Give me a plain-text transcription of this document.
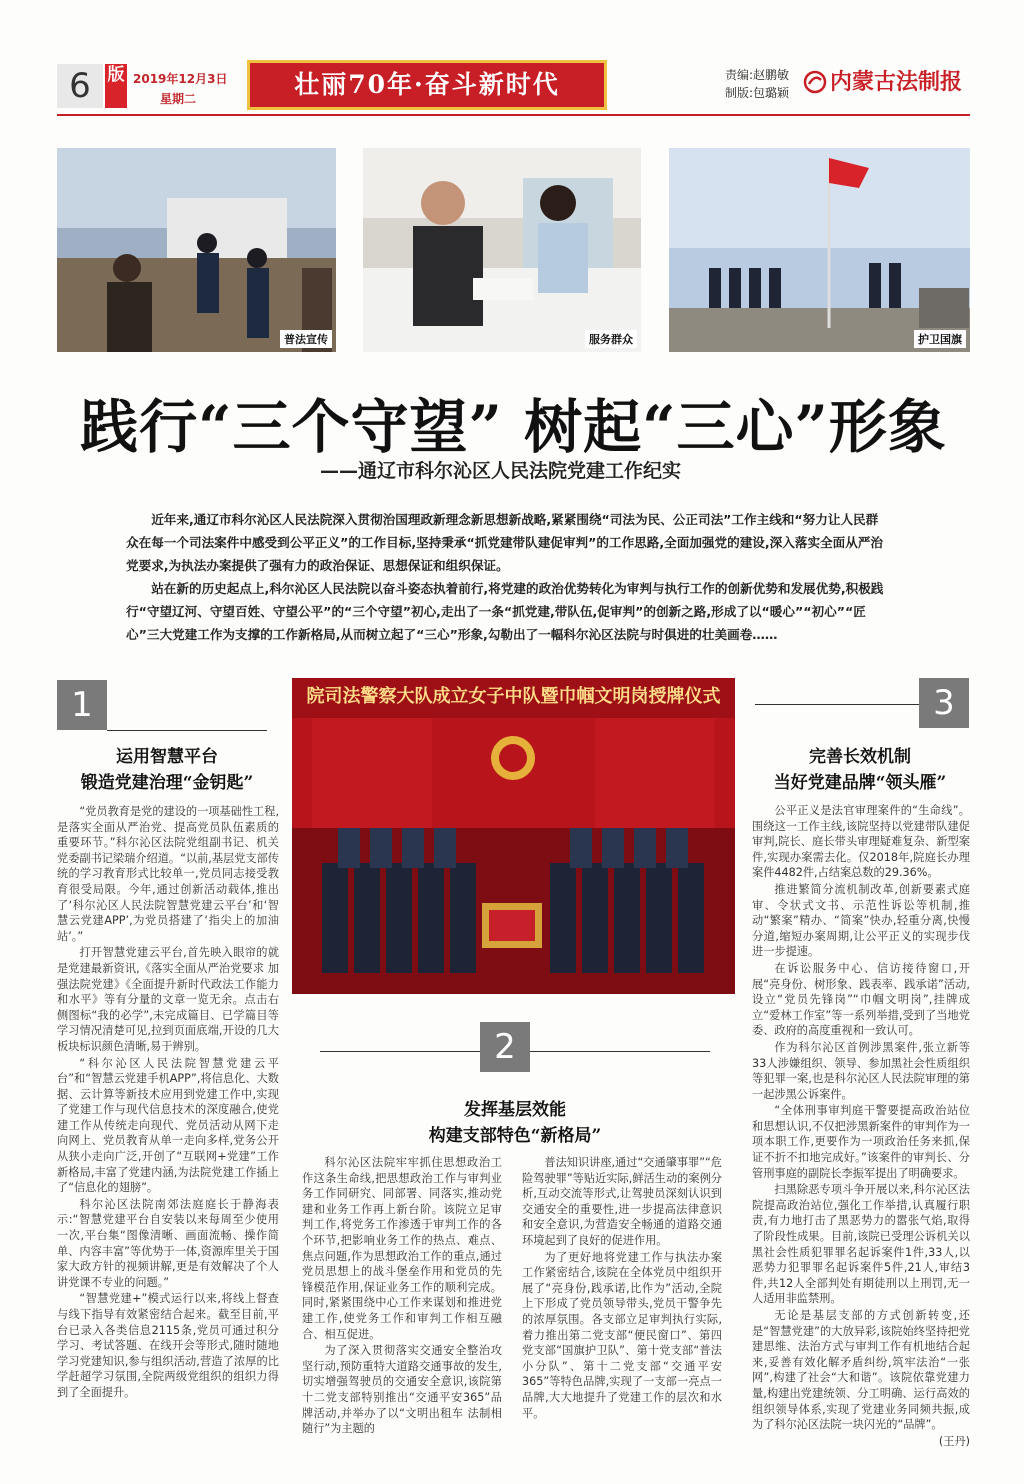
6 版 2019年12月3日
星期二	壮丽70年·奋斗新时代	责编:赵鹏敏
制版:包璐颖 内蒙古法制报
普法宣传	服务群众	护卫国旗
践行“三个守望” 树起“三心”形象
——通辽市科尔沁区人民法院党建工作纪实

近年来,通辽市科尔沁区人民法院深入贯彻治国理政新理念新思想新战略,紧紧围绕“司法为民、公正司法”工作主线和“努力让人民群众在每一个司法案件中感受到公平正义”的工作目标,坚持秉承“抓党建带队建促审判”的工作思路,全面加强党的建设,深入落实全面从严治党要求,为执法办案提供了强有力的政治保证、思想保证和组织保证。

站在新的历史起点上,科尔沁区人民法院以奋斗姿态执着前行,将党建的政治优势转化为审判与执行工作的创新优势和发展优势,积极践行“守望辽河、守望百姓、守望公平”的“三个守望”初心,走出了一条“抓党建,带队伍,促审判”的创新之路,形成了以“暖心”“初心”“匠心”三大党建工作为支撑的工作新格局,从而树立起了“三心”形象,勾勒出了一幅科尔沁区法院与时俱进的壮美画卷……

1
运用智慧平台
锻造党建治理“金钥匙”

“党员教育是党的建设的一项基础性工程,是落实全面从严治党、提高党员队伍素质的重要环节。”科尔沁区法院党组副书记、机关党委副书记梁瑞介绍道。“以前,基层党支部传统的学习教育形式比较单一,党员同志接受教育很受局限。今年,通过创新活动载体,推出了‘科尔沁区人民法院智慧党建云平台’和‘智慧云党建APP’,为党员搭建了‘指尖上的加油站’。”

打开智慧党建云平台,首先映入眼帘的就是党建最新资讯,《落实全面从严治党要求 加强法院党建》《全面提升新时代政法工作能力和水平》等有分量的文章一览无余。点击右侧图标“我的必学”,未完成篇目、已学篇目等学习情况清楚可见,拉到页面底端,开设的几大板块标识颜色清晰,易于辨别。

“科尔沁区人民法院智慧党建云平台”和“智慧云党建手机APP”,将信息化、大数据、云计算等新技术应用到党建工作中,实现了党建工作与现代信息技术的深度融合,使党建工作从传统走向现代、党员活动从网下走向网上、党员教育从单一走向多样,党务公开从狭小走向广泛,开创了“互联网+党建”工作新格局,丰富了党建内涵,为法院党建工作插上了“信息化的翅膀”。

科尔沁区法院南郊法庭庭长于静海表示:“智慧党建平台自安装以来每周至少使用一次,平台集“图像清晰、画面流畅、操作简单、内容丰富”等优势于一体,资源库里关于国家大政方针的视频讲解,更是有效解决了个人讲党课不专业的问题。”

“智慧党建+”模式运行以来,将线上督查与线下指导有效紧密结合起来。截至目前,平台已录入各类信息2115条,党员可通过积分学习、考试答题、在线开会等形式,随时随地学习党建知识,参与组织活动,营造了浓厚的比学赶超学习氛围,全院两级党组织的组织力得到了全面提升。

院司法警察大队成立女子中队暨巾帼文明岗授牌仪式
2
发挥基层效能
构建支部特色“新格局”

科尔沁区法院牢牢抓住思想政治工作这条生命线,把思想政治工作与审判业务工作同研究、同部署、同落实,推动党建和业务工作再上新台阶。该院立足审判工作,将党务工作渗透于审判工作的各个环节,把影响业务工作的热点、难点、焦点问题,作为思想政治工作的重点,通过党员思想上的战斗堡垒作用和党员的先锋模范作用,保证业务工作的顺利完成。同时,紧紧围绕中心工作来谋划和推进党建工作,使党务工作和审判工作相互融合、相互促进。

为了深入贯彻落实交通安全整治攻坚行动,预防重特大道路交通事故的发生,切实增强驾驶员的交通安全意识,该院第十二党支部特别推出“交通平安365”品牌活动,并举办了以“文明出租车 法制相随行”为主题的

普法知识讲座,通过“交通肇事罪”“危险驾驶罪”等贴近实际,鲜活生动的案例分析,互动交流等形式,让驾驶员深刻认识到交通安全的重要性,进一步提高法律意识和安全意识,为营造安全畅通的道路交通环境起到了良好的促进作用。

为了更好地将党建工作与执法办案工作紧密结合,该院在全体党员中组织开展了“亮身份,践承诺,比作为”活动,全院上下形成了党员领导带头,党员干警争先的浓厚氛围。各支部立足审判执行实际,着力推出第二党支部“便民窗口”、第四党支部“国旗护卫队”、第十党支部“普法小分队”、第十二党支部“交通平安365”等特色品牌,实现了一支部一亮点一品牌,大大地提升了党建工作的层次和水平。

3
完善长效机制
当好党建品牌“领头雁”

公平正义是法官审理案件的“生命线”。围绕这一工作主线,该院坚持以党建带队建促审判,院长、庭长带头审理疑难复杂、新型案件,实现办案需去化。仅2018年,院庭长办理案件4482件,占结案总数的29.36%。

推进繁简分流机制改革,创新要素式庭审、令状式文书、示范性诉讼等机制,推动“繁案”精办、“简案”快办,轻重分离,快慢分道,缩短办案周期,让公平正义的实现步伐进一步提速。

在诉讼服务中心、信访接待窗口,开展“亮身份、树形象、践表率、践承诺”活动,设立“党员先锋岗”“巾帼文明岗”,挂牌成立“爱林工作室”等一系列举措,受到了当地党委、政府的高度重视和一致认可。

作为科尔沁区首例涉黑案件,张立新等33人涉嫌组织、领导、参加黑社会性质组织等犯罪一案,也是科尔沁区人民法院审理的第一起涉黑公诉案件。

“全体刑事审判庭干警要提高政治站位和思想认识,不仅把涉黑新案件的审判作为一项本职工作,更要作为一项政治任务来抓,保证不折不扣地完成好。”该案件的审判长、分管刑事庭的副院长李振军提出了明确要求。

扫黑除恶专项斗争开展以来,科尔沁区法院提高政治站位,强化工作举措,认真履行职责,有力地打击了黑恶势力的嚣张气焰,取得了阶段性成果。目前,该院已受理公诉机关以黑社会性质犯罪罪名起诉案件1件,33人,以恶势力犯罪罪名起诉案件5件,21人,审结3件,共12人全部判处有期徒刑以上刑罚,无一人适用非监禁刑。

无论是基层支部的方式创新转变,还是“智慧党建”的大放异彩,该院始终坚持把党建思维、法治方式与审判工作有机地结合起来,妥善有效化解矛盾纠纷,筑牢法治“一张网”,构建了社会“大和谐”。该院依靠党建力量,构建出党建统领、分工明确、运行高效的组织领导体系,实现了党建业务同频共振,成为了科尔沁区法院一块闪光的“品牌”。

(王丹)
